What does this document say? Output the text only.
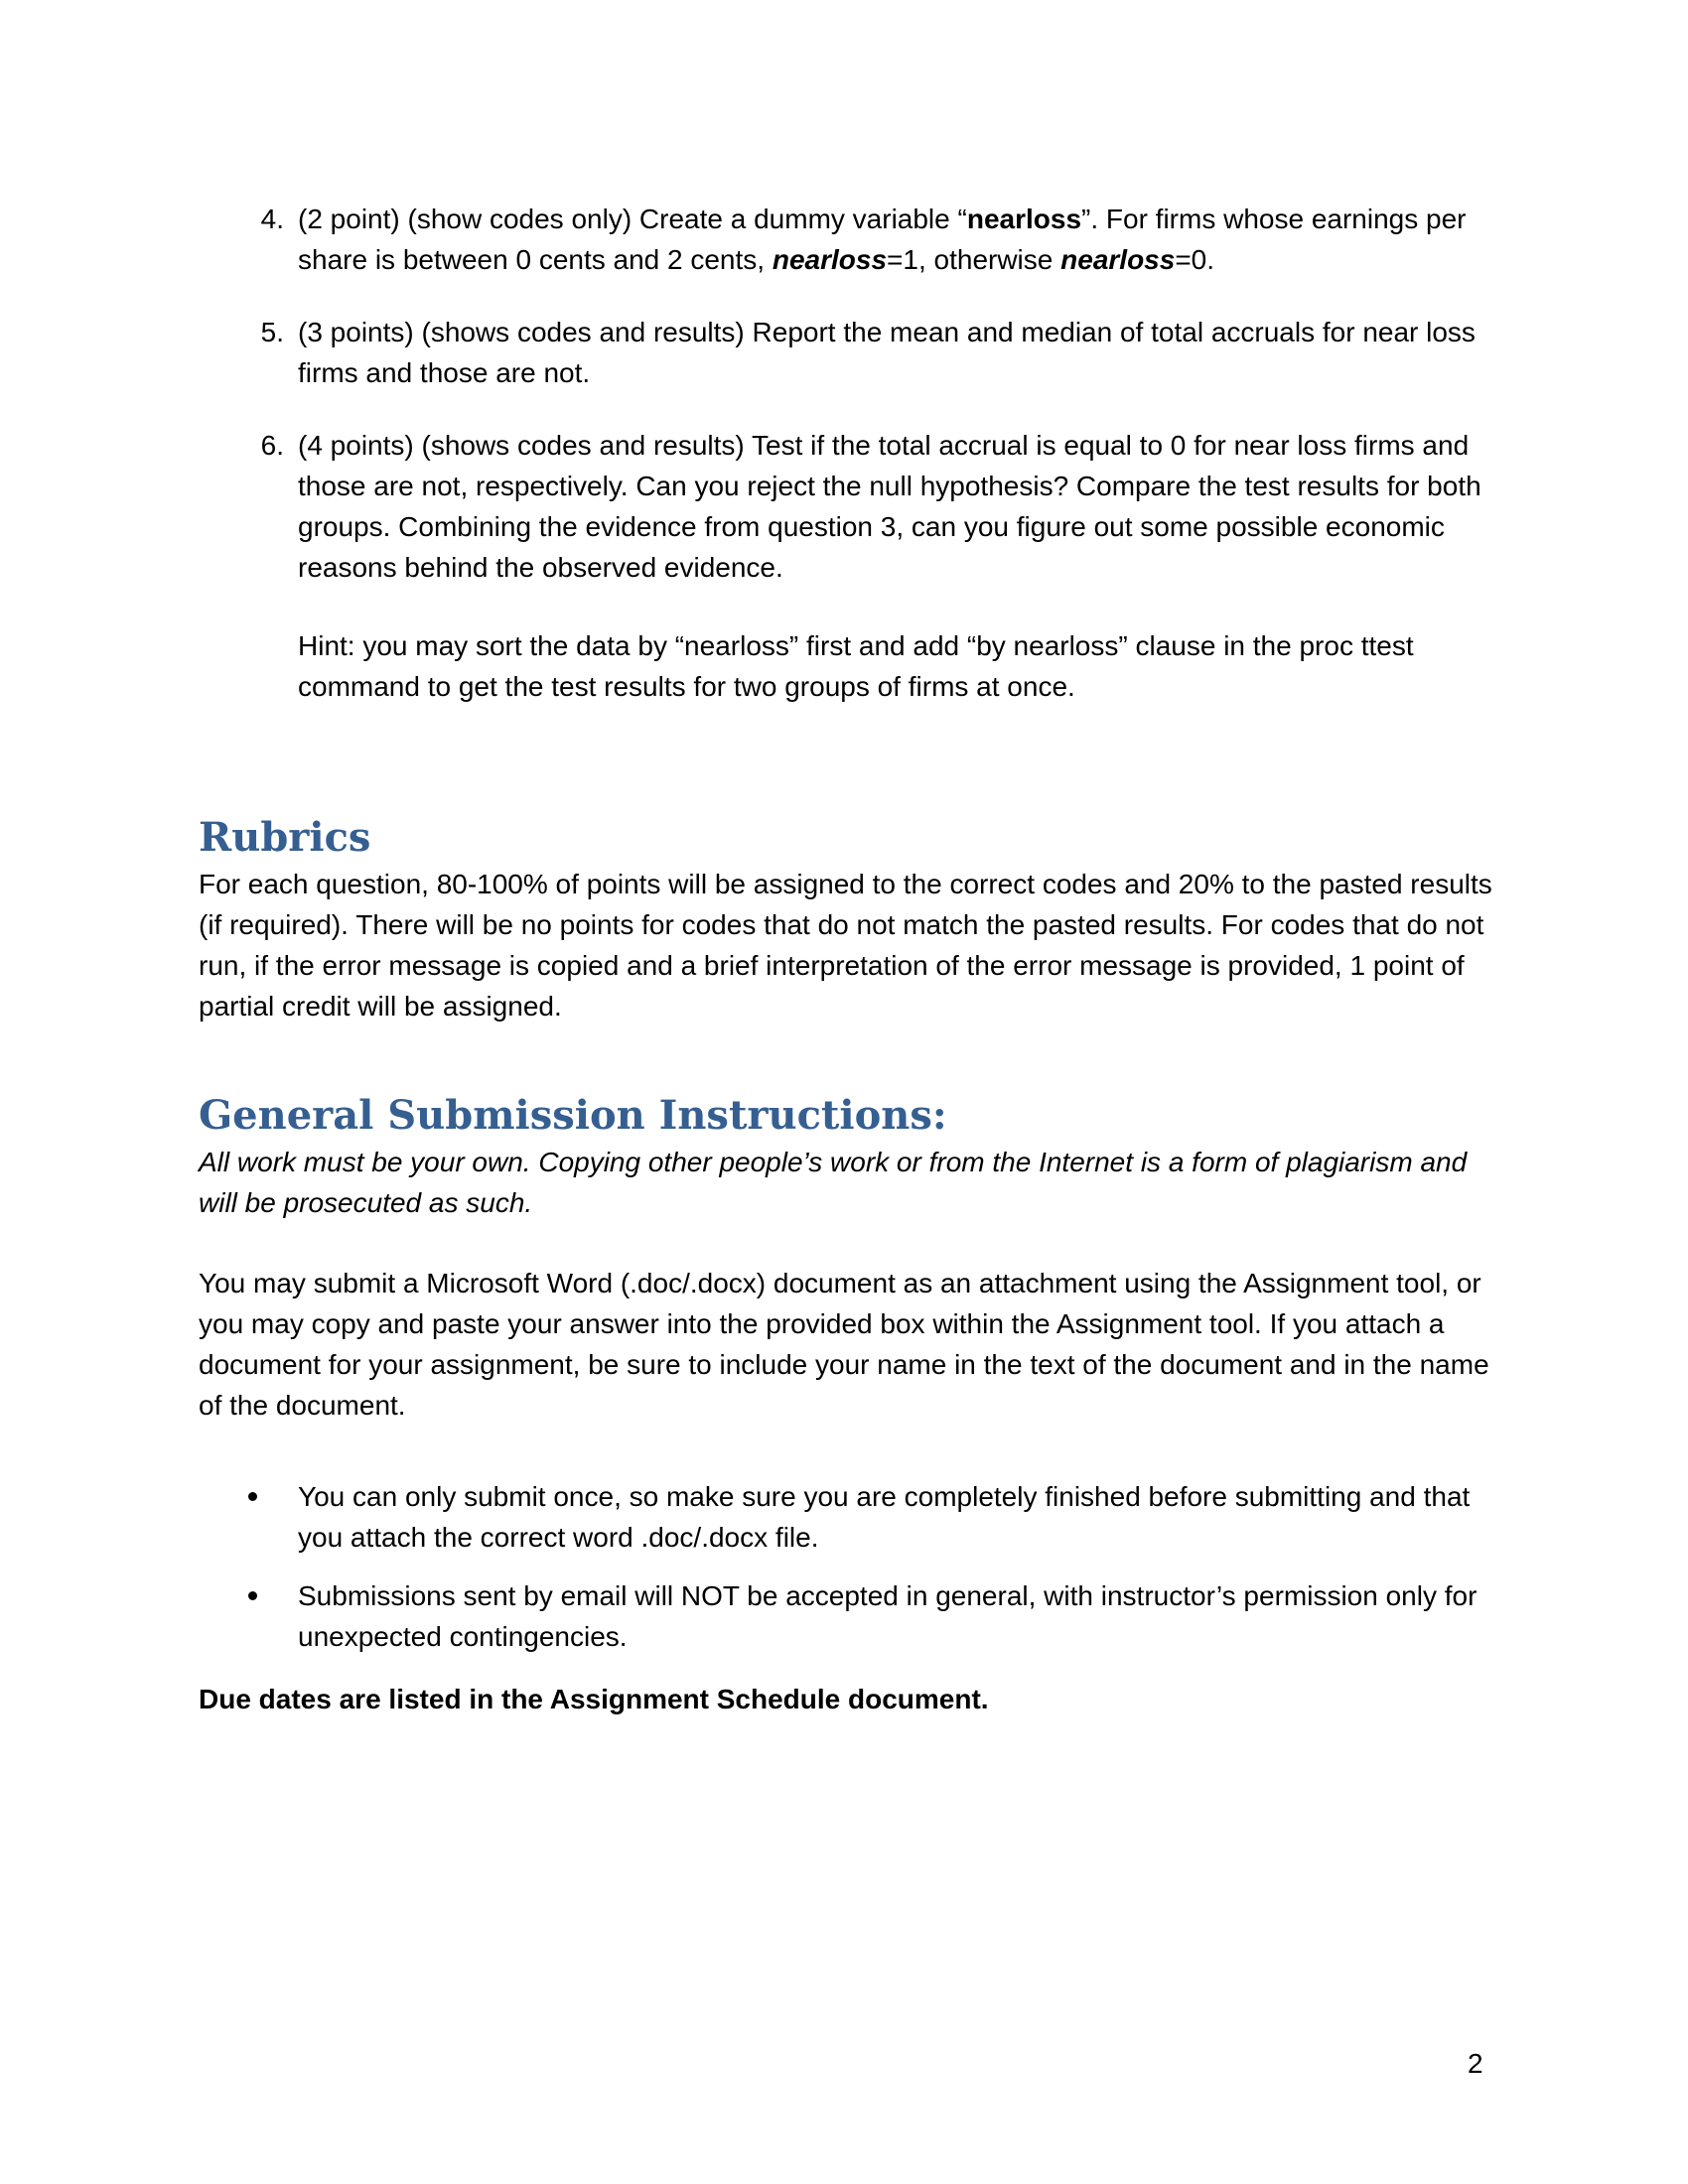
4. (2 point) (show codes only) Create a dummy variable “nearloss”. For firms whose earnings per share is between 0 cents and 2 cents, nearloss=1, otherwise nearloss=0.
5. (3 points) (shows codes and results) Report the mean and median of total accruals for near loss firms and those are not.
6. (4 points) (shows codes and results) Test if the total accrual is equal to 0 for near loss firms and those are not, respectively. Can you reject the null hypothesis? Compare the test results for both groups. Combining the evidence from question 3, can you figure out some possible economic reasons behind the observed evidence.
Hint: you may sort the data by “nearloss” first and add “by nearloss” clause in the proc ttest command to get the test results for two groups of firms at once.
Rubrics
For each question, 80-100% of points will be assigned to the correct codes and 20% to the pasted results (if required). There will be no points for codes that do not match the pasted results. For codes that do not run, if the error message is copied and a brief interpretation of the error message is provided, 1 point of partial credit will be assigned.
General Submission Instructions:
All work must be your own. Copying other people’s work or from the Internet is a form of plagiarism and will be prosecuted as such.
You may submit a Microsoft Word (.doc/.docx) document as an attachment using the Assignment tool, or you may copy and paste your answer into the provided box within the Assignment tool. If you attach a document for your assignment, be sure to include your name in the text of the document and in the name of the document.
You can only submit once, so make sure you are completely finished before submitting and that you attach the correct word .doc/.docx file.
Submissions sent by email will NOT be accepted in general, with instructor’s permission only for unexpected contingencies.
Due dates are listed in the Assignment Schedule document.
2
